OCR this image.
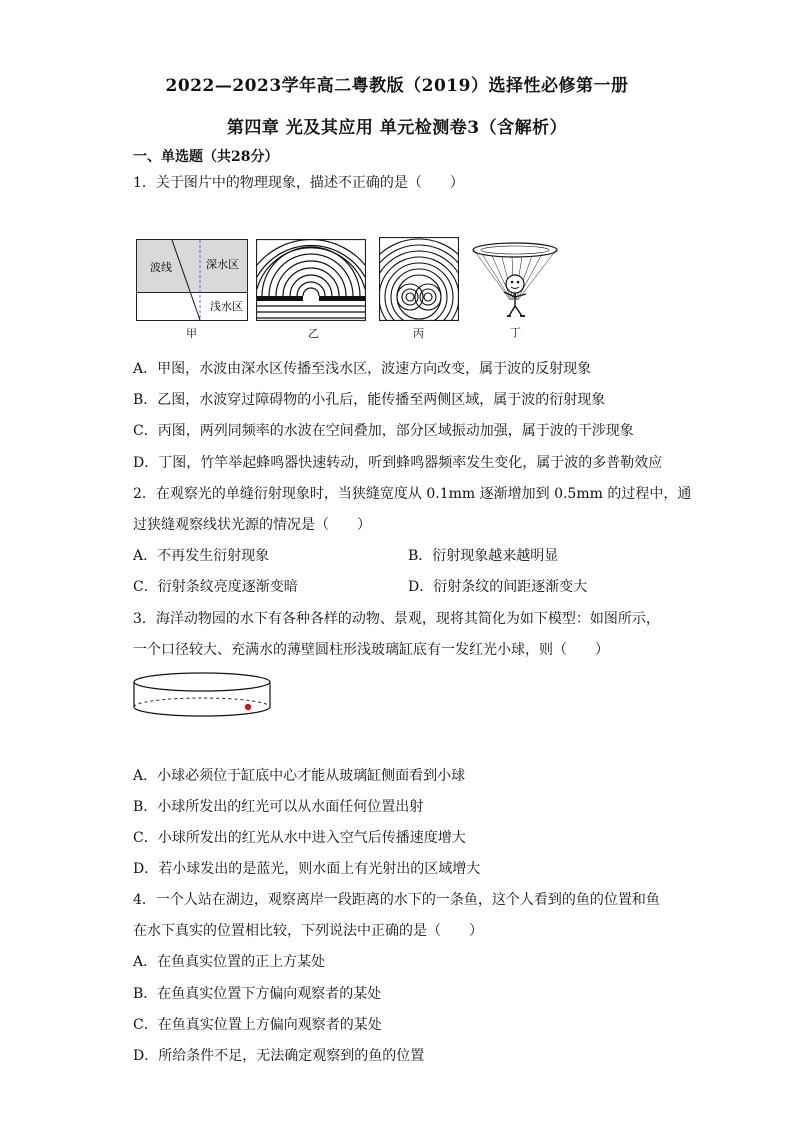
2022—2023学年高二粤教版（2019）选择性必修第一册
第四章 光及其应用 单元检测卷3（含解析）
一、单选题（共28分）
1．关于图片中的物理现象，描述不正确的是（　　）
波线	深水区
浅水区
甲	乙	丙	丁
A．甲图，水波由深水区传播至浅水区，波速方向改变，属于波的反射现象
B．乙图，水波穿过障碍物的小孔后，能传播至两侧区域，属于波的衍射现象
C．丙图，两列同频率的水波在空间叠加，部分区域振动加强，属于波的干涉现象
D．丁图，竹竿举起蜂鸣器快速转动，听到蜂鸣器频率发生变化，属于波的多普勒效应
2．在观察光的单缝衍射现象时，当狭缝宽度从 0.1mm 逐渐增加到 0.5mm 的过程中，通
过狭缝观察线状光源的情况是（　　）
A．不再发生衍射现象	B．衍射现象越来越明显
C．衍射条纹亮度逐渐变暗	D．衍射条纹的间距逐渐变大
3．海洋动物园的水下有各种各样的动物、景观，现将其简化为如下模型：如图所示，
一个口径较大、充满水的薄壁圆柱形浅玻璃缸底有一发红光小球，则（　　）
A．小球必须位于缸底中心才能从玻璃缸侧面看到小球
B．小球所发出的红光可以从水面任何位置出射
C．小球所发出的红光从水中进入空气后传播速度增大
D．若小球发出的是蓝光，则水面上有光射出的区域增大
4．一个人站在湖边，观察离岸一段距离的水下的一条鱼，这个人看到的鱼的位置和鱼
在水下真实的位置相比较，下列说法中正确的是（　　）
A．在鱼真实位置的正上方某处
B．在鱼真实位置下方偏向观察者的某处
C．在鱼真实位置上方偏向观察者的某处
D．所给条件不足，无法确定观察到的鱼的位置
